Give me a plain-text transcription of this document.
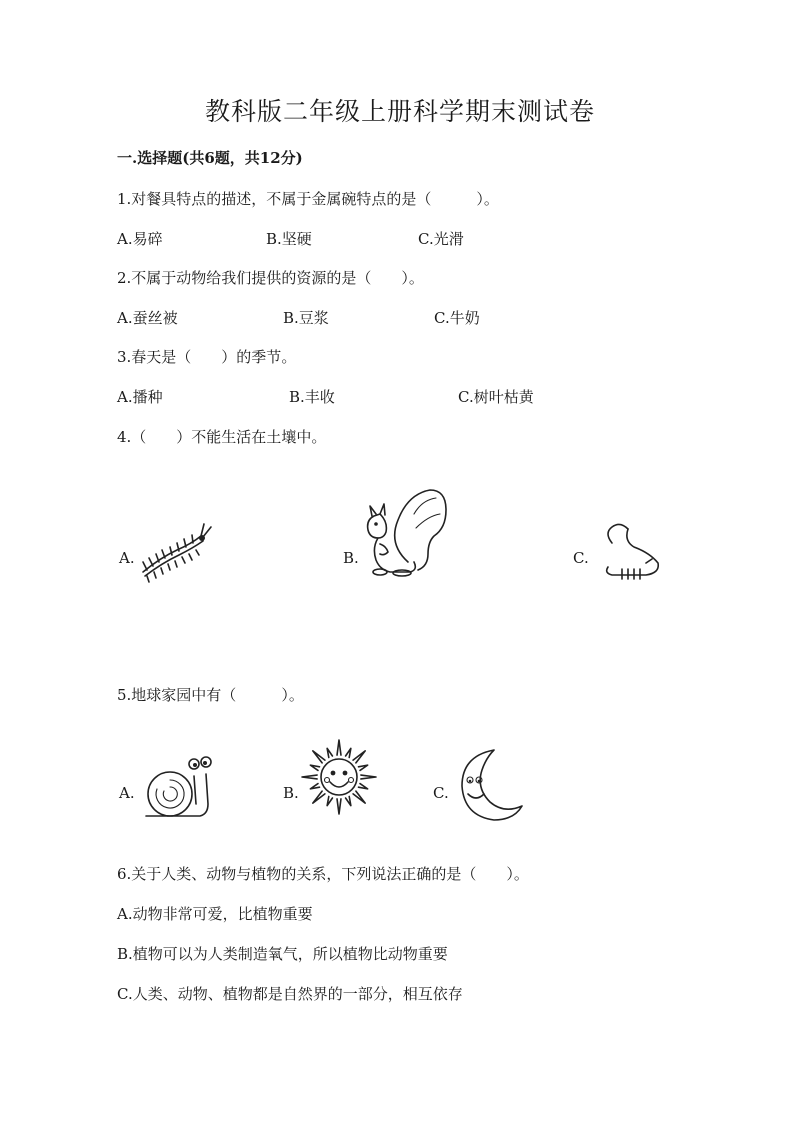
教科版二年级上册科学期末测试卷
一.选择题(共6题，共12分)
1.对餐具特点的描述，不属于金属碗特点的是（　　　）。
A.易碎	B.坚硬	C.光滑
2.不属于动物给我们提供的资源的是（　　）。
A.蚕丝被	B.豆浆	C.牛奶
3.春天是（　　）的季节。
A.播种	B.丰收	C.树叶枯黄
4.（　　）不能生活在土壤中。
A.	B.	C.
5.地球家园中有（　　　）。
A.	B.	C.
6.关于人类、动物与植物的关系，下列说法正确的是（　　）。
A.动物非常可爱，比植物重要
B.植物可以为人类制造氧气，所以植物比动物重要
C.人类、动物、植物都是自然界的一部分，相互依存
